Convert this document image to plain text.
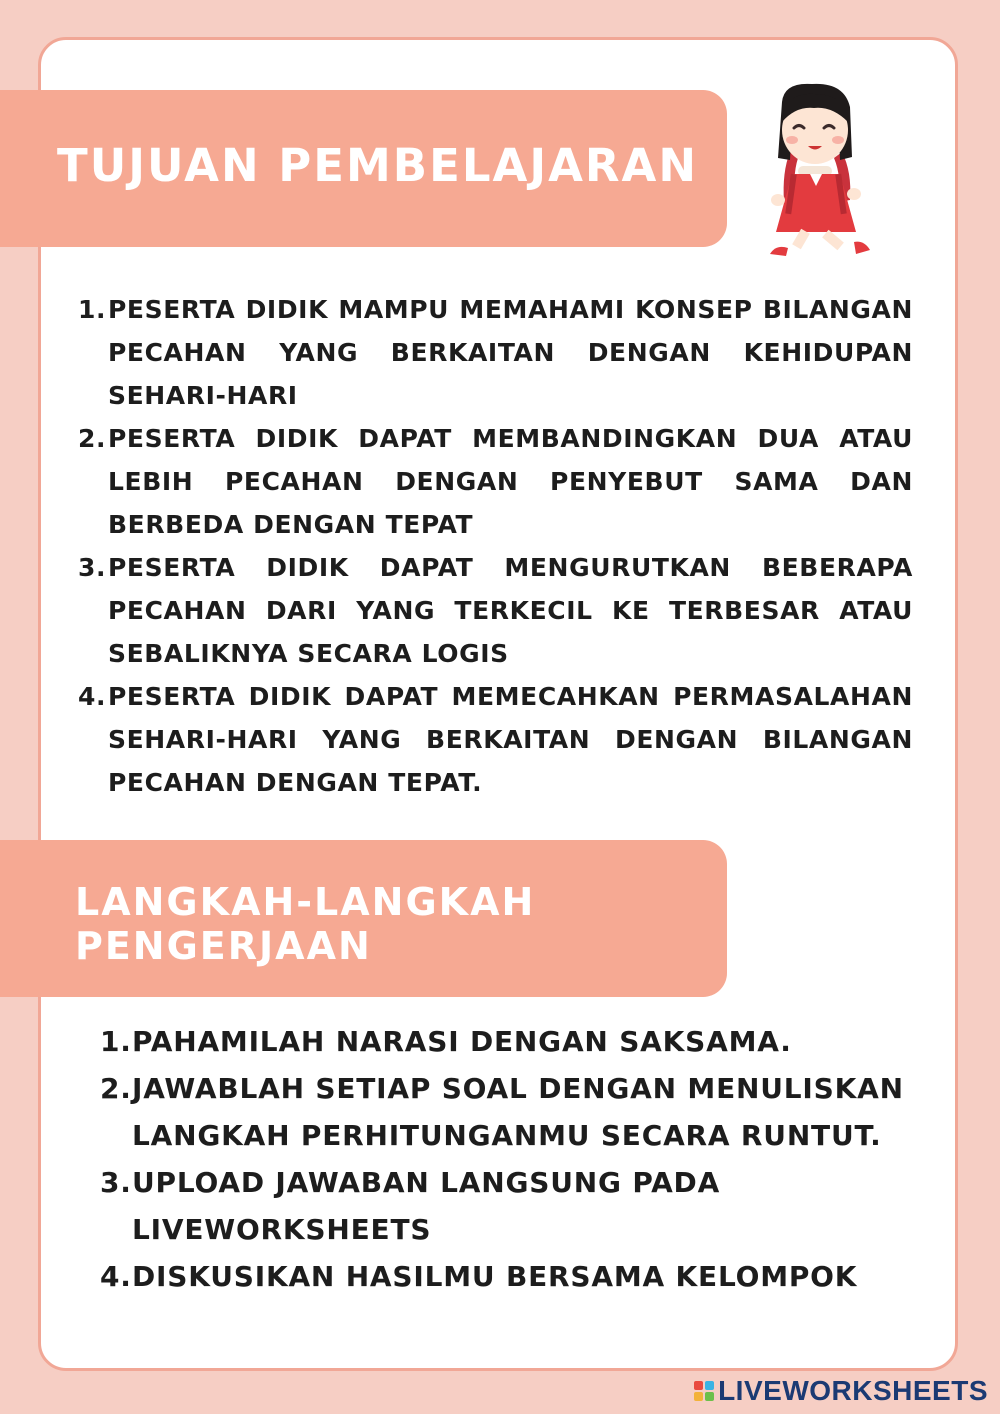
TUJUAN PEMBELAJARAN
1. PESERTA DIDIK MAMPU MEMAHAMI KONSEP BILANGAN PECAHAN YANG BERKAITAN DENGAN KEHIDUPAN SEHARI-HARI
2. PESERTA DIDIK DAPAT MEMBANDINGKAN DUA ATAU LEBIH PECAHAN DENGAN PENYEBUT SAMA DAN BERBEDA DENGAN TEPAT
3. PESERTA DIDIK DAPAT MENGURUTKAN BEBERAPA PECAHAN DARI YANG TERKECIL KE TERBESAR ATAU SEBALIKNYA SECARA LOGIS
4. PESERTA DIDIK DAPAT MEMECAHKAN PERMASALAHAN SEHARI-HARI YANG BERKAITAN DENGAN BILANGAN PECAHAN DENGAN TEPAT.
LANGKAH-LANGKAH
PENGERJAAN
1. PAHAMILAH NARASI DENGAN SAKSAMA.
2. JAWABLAH SETIAP SOAL DENGAN MENULISKAN LANGKAH PERHITUNGANMU SECARA RUNTUT.
3. UPLOAD JAWABAN LANGSUNG PADA LIVEWORKSHEETS
4. DISKUSIKAN HASILMU BERSAMA KELOMPOK
LIVEWORKSHEETS
